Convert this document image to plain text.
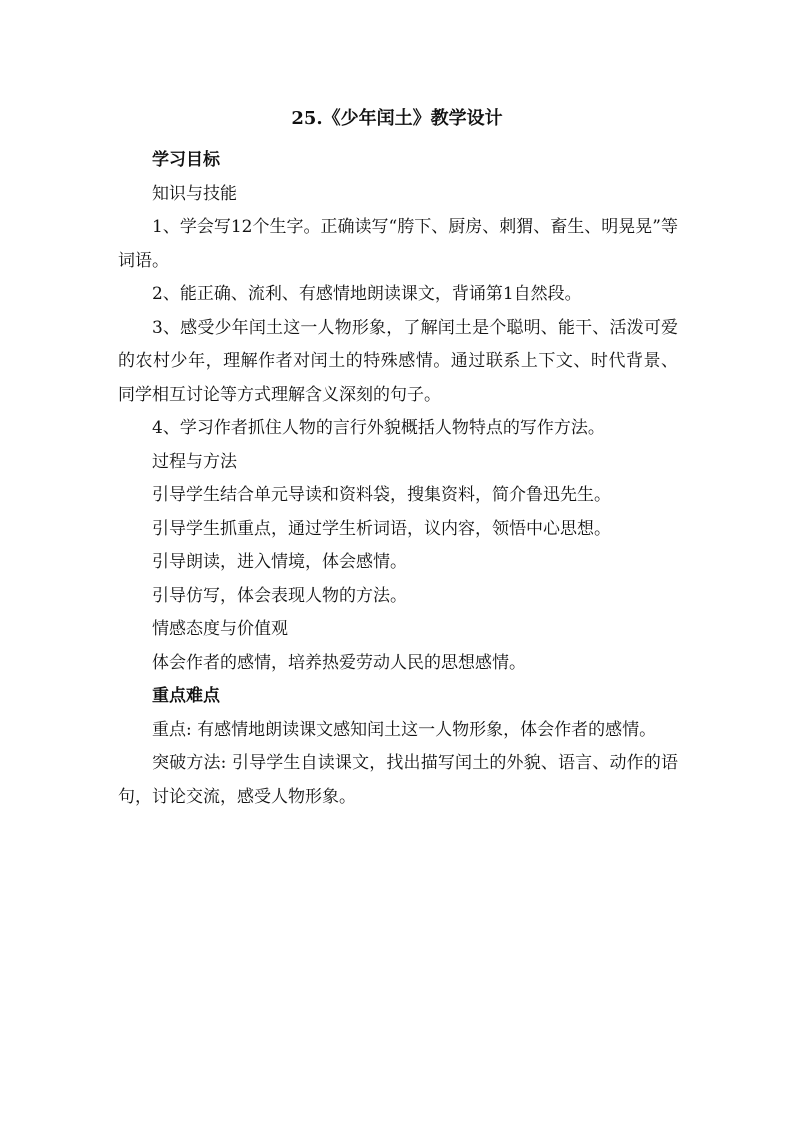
25.《少年闰土》教学设计

学习目标

知识与技能

1、学会写12个生字。正确读写“胯下、厨房、刺猬、畜生、明晃晃”等词语。

2、能正确、流利、有感情地朗读课文，背诵第1自然段。

3、感受少年闰土这一人物形象，了解闰土是个聪明、能干、活泼可爱的农村少年，理解作者对闰土的特殊感情。通过联系上下文、时代背景、同学相互讨论等方式理解含义深刻的句子。

4、学习作者抓住人物的言行外貌概括人物特点的写作方法。

过程与方法

引导学生结合单元导读和资料袋，搜集资料，简介鲁迅先生。

引导学生抓重点，通过学生析词语，议内容，领悟中心思想。

引导朗读，进入情境，体会感情。

引导仿写，体会表现人物的方法。

情感态度与价值观

体会作者的感情，培养热爱劳动人民的思想感情。

重点难点

重点: 有感情地朗读课文感知闰土这一人物形象，体会作者的感情。

突破方法: 引导学生自读课文，找出描写闰土的外貌、语言、动作的语句，讨论交流，感受人物形象。
